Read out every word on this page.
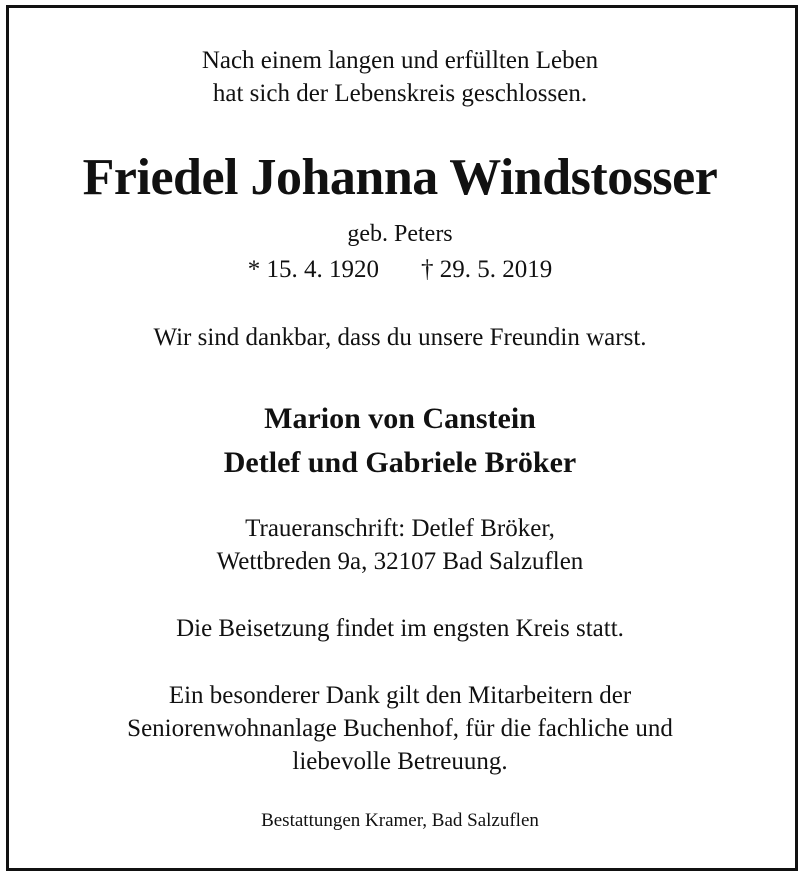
Nach einem langen und erfüllten Leben
hat sich der Lebenskreis geschlossen.
Friedel Johanna Windstosser
geb. Peters
* 15. 4. 1920 † 29. 5. 2019
Wir sind dankbar, dass du unsere Freundin warst.
Marion von Canstein
Detlef und Gabriele Bröker
Traueranschrift: Detlef Bröker,
Wettbreden 9a, 32107 Bad Salzuflen
Die Beisetzung findet im engsten Kreis statt.
Ein besonderer Dank gilt den Mitarbeitern der
Seniorenwohnanlage Buchenhof, für die fachliche und
liebevolle Betreuung.
Bestattungen Kramer, Bad Salzuflen
